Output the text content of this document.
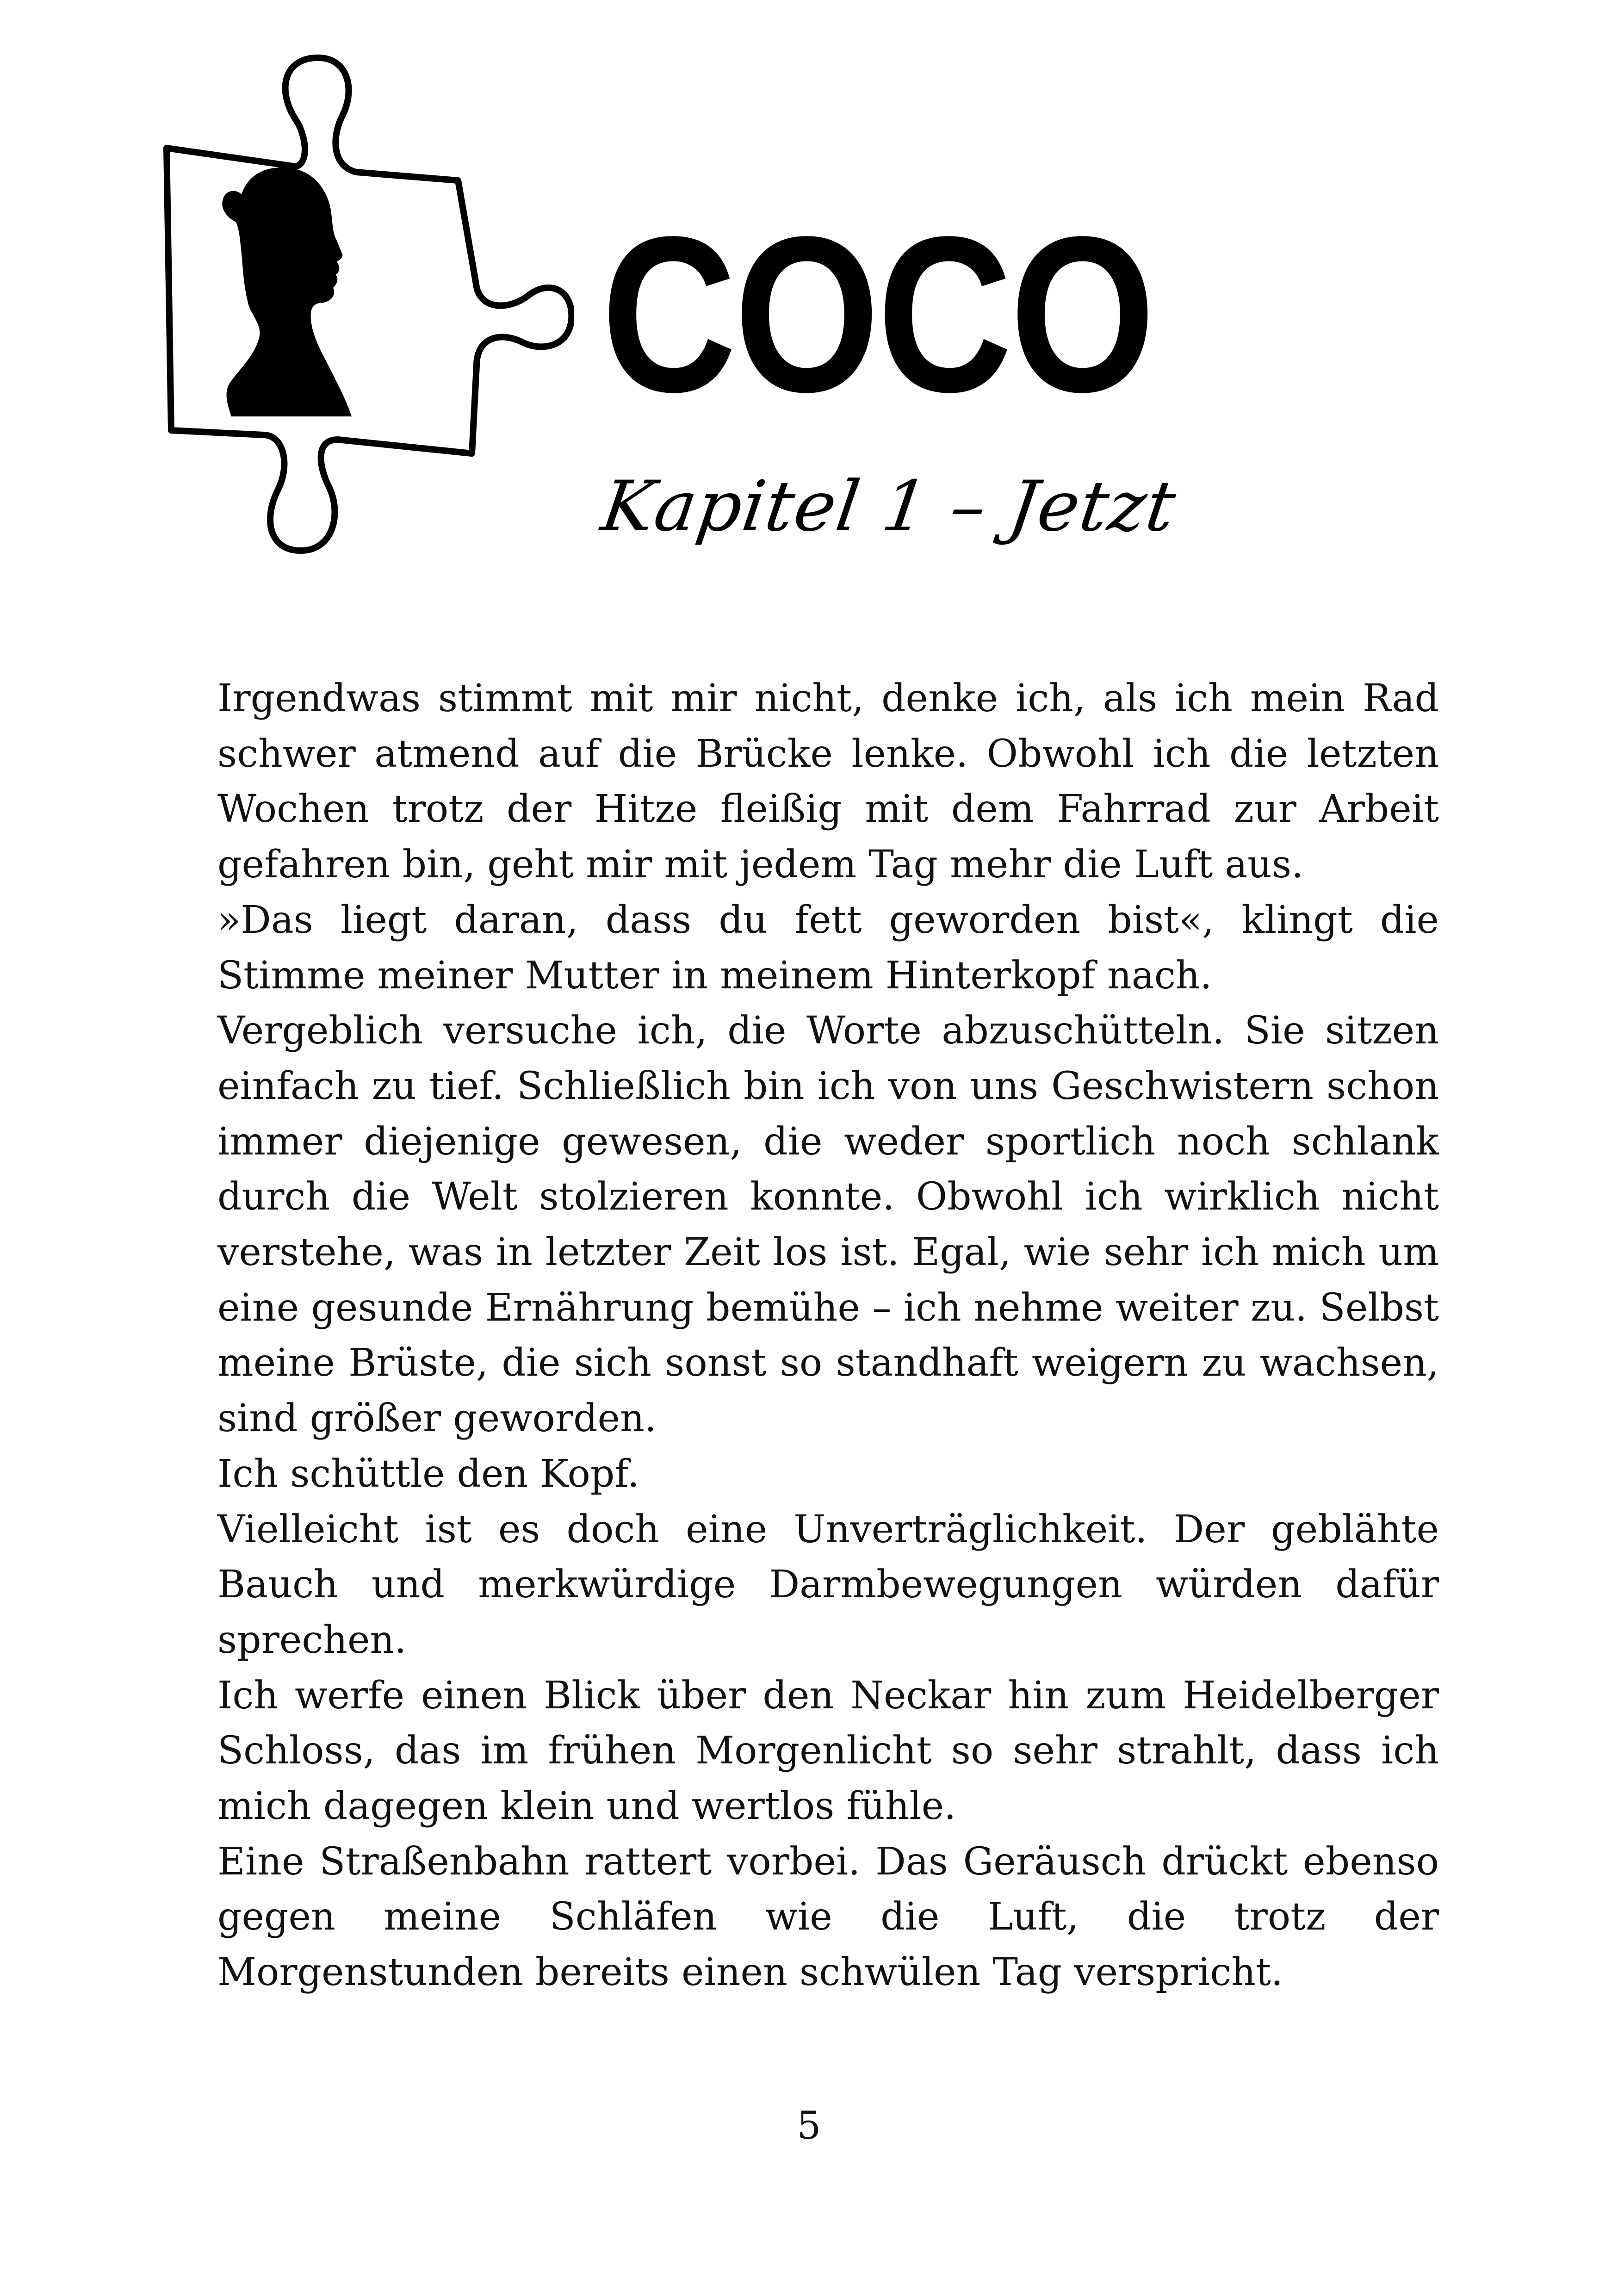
COCO
Kapitel 1 – Jetzt

Irgendwas stimmt mit mir nicht, denke ich, als ich mein Rad schwer atmend auf die Brücke lenke. Obwohl ich die letzten Wochen trotz der Hitze fleißig mit dem Fahrrad zur Arbeit gefahren bin, geht mir mit jedem Tag mehr die Luft aus.

»Das liegt daran, dass du fett geworden bist«, klingt die Stimme meiner Mutter in meinem Hinterkopf nach.

Vergeblich versuche ich, die Worte abzuschütteln. Sie sitzen einfach zu tief. Schließlich bin ich von uns Geschwistern schon immer diejenige gewesen, die weder sportlich noch schlank durch die Welt stolzieren konnte. Obwohl ich wirklich nicht verstehe, was in letzter Zeit los ist. Egal, wie sehr ich mich um eine gesunde Ernährung bemühe – ich nehme weiter zu. Selbst meine Brüste, die sich sonst so standhaft weigern zu wachsen, sind größer geworden.

Ich schüttle den Kopf.

Vielleicht ist es doch eine Unverträglichkeit. Der geblähte Bauch und merkwürdige Darmbewegungen würden dafür sprechen.

Ich werfe einen Blick über den Neckar hin zum Heidelberger Schloss, das im frühen Morgenlicht so sehr strahlt, dass ich mich dagegen klein und wertlos fühle.

Eine Straßenbahn rattert vorbei. Das Geräusch drückt ebenso gegen meine Schläfen wie die Luft, die trotz der Morgenstunden bereits einen schwülen Tag verspricht.

5
